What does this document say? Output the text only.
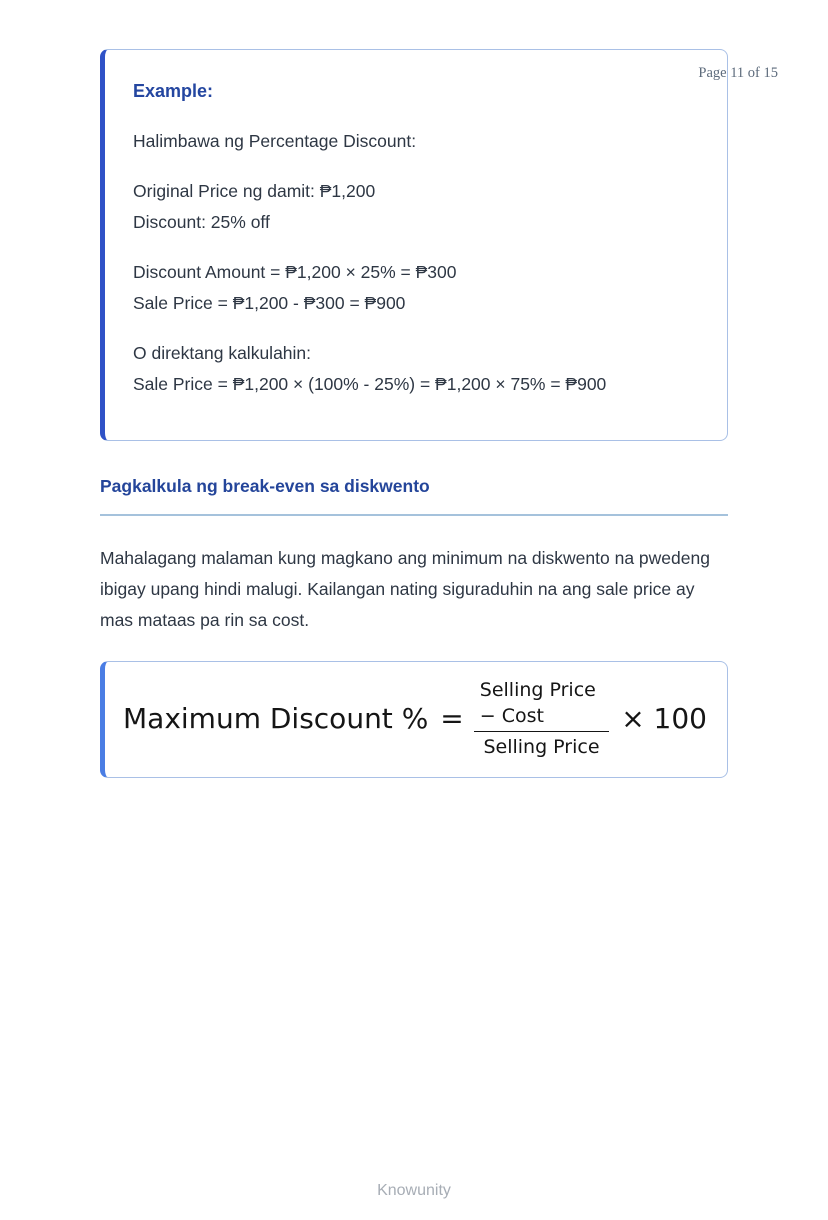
Page 11 of 15
Example:
Halimbawa ng Percentage Discount:
Original Price ng damit: ₱1,200
Discount: 25% off
Discount Amount = ₱1,200 × 25% = ₱300
Sale Price = ₱1,200 - ₱300 = ₱900
O direktang kalkulahin:
Sale Price = ₱1,200 × (100% - 25%) = ₱1,200 × 75% = ₱900
Pagkalkula ng break-even sa diskwento

Mahalagang malaman kung magkano ang minimum na diskwento na pwedeng ibigay upang hindi malugi. Kailangan nating siguraduhin na ang sale price ay mas mataas pa rin sa cost.

Maximum Discount % = $\frac{\text{Selling Price − Cost}}{\text{Selling Price}} \times 100$
Knowunity
